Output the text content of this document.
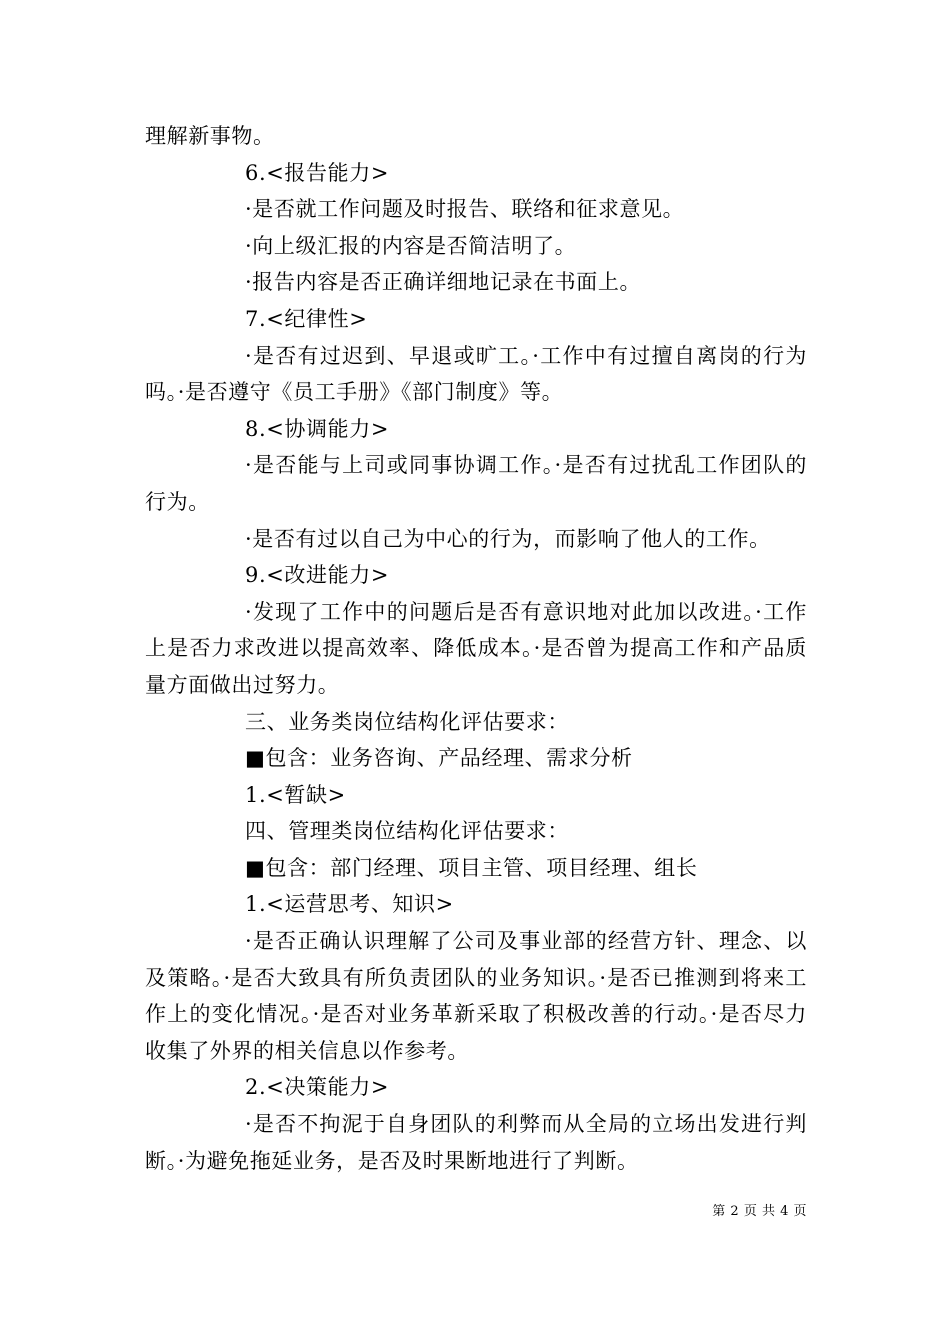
理解新事物。

6.<报告能力>

·是否就工作问题及时报告、联络和征求意见。

·向上级汇报的内容是否简洁明了。

·报告内容是否正确详细地记录在书面上。

7.<纪律性>

·是否有过迟到、早退或旷工。·工作中有过擅自离岗的行为吗。·是否遵守《员工手册》《部门制度》等。

8.<协调能力>

·是否能与上司或同事协调工作。·是否有过扰乱工作团队的行为。

·是否有过以自己为中心的行为，而影响了他人的工作。

9.<改进能力>

·发现了工作中的问题后是否有意识地对此加以改进。·工作上是否力求改进以提高效率、降低成本。·是否曾为提高工作和产品质量方面做出过努力。

三、业务类岗位结构化评估要求：

■包含：业务咨询、产品经理、需求分析

1.<暂缺>

四、管理类岗位结构化评估要求：

■包含：部门经理、项目主管、项目经理、组长

1.<运营思考、知识>

·是否正确认识理解了公司及事业部的经营方针、理念、以及策略。·是否大致具有所负责团队的业务知识。·是否已推测到将来工作上的变化情况。·是否对业务革新采取了积极改善的行动。·是否尽力收集了外界的相关信息以作参考。

2.<决策能力>

·是否不拘泥于自身团队的利弊而从全局的立场出发进行判断。·为避免拖延业务，是否及时果断地进行了判断。

第 2 页 共 4 页
